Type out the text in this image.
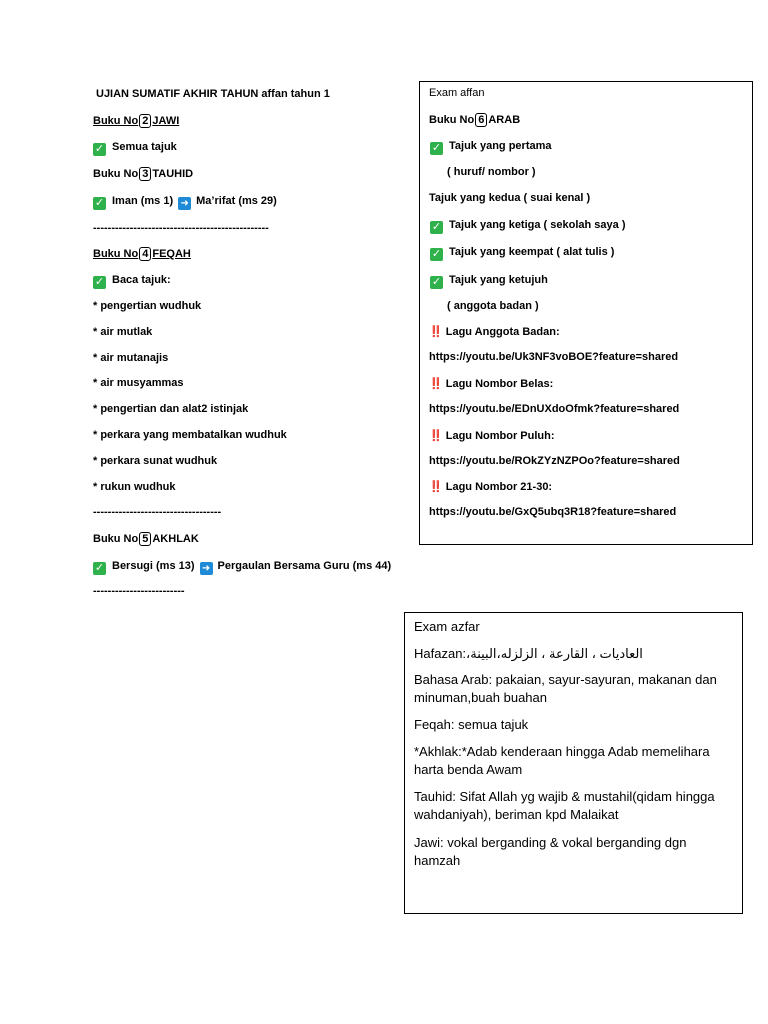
UJIAN SUMATIF AKHIR TAHUN affan tahun 1
Buku No 2 JAWI
✓ Semua tajuk
Buku No 3 TAUHID
✓ Iman (ms 1) ➜ Ma’rifat (ms 29)
------------------------------------------------
Buku No 4 FEQAH
✓ Baca tajuk:
* pengertian wudhuk
* air mutlak
* air mutanajis
* air musyammas
* pengertian dan alat2 istinjak
* perkara yang membatalkan wudhuk
* perkara sunat wudhuk
* rukun wudhuk
-----------------------------------
Buku No 5 AKHLAK
✓ Bersugi (ms 13) ➜ Pergaulan Bersama Guru (ms 44)
-------------------------
Exam affan
Buku No 6 ARAB
✓ Tajuk yang pertama
( huruf/ nombor )
Tajuk yang kedua ( suai kenal )
✓ Tajuk yang ketiga ( sekolah saya )
✓ Tajuk yang keempat ( alat tulis )
✓ Tajuk yang ketujuh
( anggota badan )
‼️ Lagu Anggota Badan:
https://youtu.be/Uk3NF3voBOE?feature=shared
‼️ Lagu Nombor Belas:
https://youtu.be/EDnUXdoOfmk?feature=shared
‼️ Lagu Nombor Puluh:
https://youtu.be/ROkZYzNZPOo?feature=shared
‼️ Lagu Nombor 21-30:
https://youtu.be/GxQ5ubq3R18?feature=shared
Exam azfar
Hafazan:،العاديات ، القارعة ، الزلزله،البينة
Bahasa Arab: pakaian, sayur-sayuran, makanan dan minuman,buah buahan
Feqah: semua tajuk
*Akhlak:*Adab kenderaan hingga Adab memelihara harta benda Awam
Tauhid: Sifat Allah yg wajib & mustahil(qidam hingga wahdaniyah), beriman kpd Malaikat
Jawi: vokal berganding & vokal berganding dgn hamzah
